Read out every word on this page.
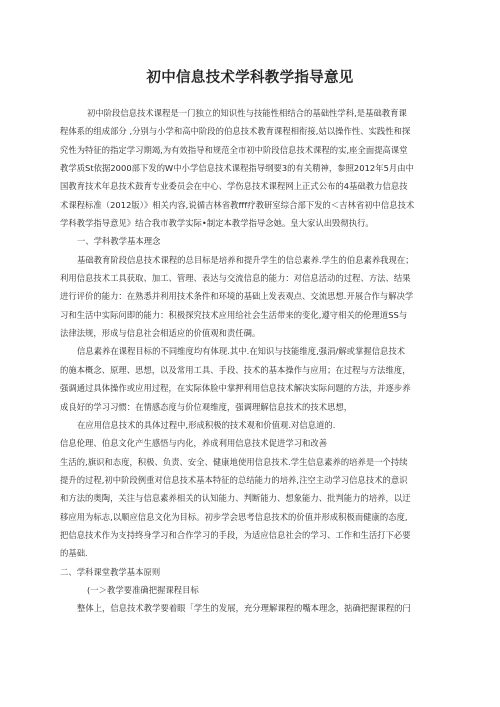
初中信息技术学科教学指导意见
初中阶段信息技术课程是一门独立的知识性与技能性相结合的基础性学科,是基础教育课
程体系的组成部分 ,分别与小学和高中阶段的伯息技术教育课程相衔接,姑以操作性、实践性和探
究性为特征的指定学习期竭,为有效指导和规范全市初中阶段信息技术课程的实,座全面提高课堂
教学质St依据2000部下发的W中小学信息技术课程指导纲要3的有关精神，参照2012年5月由中
国教育技术年息技术鼓育专业委员会在中心、学伤息技术课程网上正式公布的4基础教力信息技
术课程标准（2012版）》相关内容,说循吉林省教fff疗教研室综合部下发的＜吉林省初中信息技术
学科教学指导意见》结合我市教学实际•制定本教学指导念她。皇大家认出毁彻执行。
一、学科教学基本理念
基础教育阶段信息技术课程的总目标是培养和提升学生的信总素养.学生的伯息素养我现在；
利用信息技术工具获取、加工、管理、表达与交流信息的能力：对信息活动的过程、方法、结果
进行评价的能力：在熟悉并利用技术条件和环境的基础上发表观点、交流思想.开展合作与解决学
习和生活中实际问即的能力：积极探究技术应用给社会生活带来的变化,遵守相关的伦理道SS与
法律法规，形成与信息社会相适应的价值观和责任碉。
信息素养在课程目标的不同维度均有体现.其中.在知识与技能维度,强涓/解或掌握信息技术
的施本概念、原理、思想，以及常用工具、手段、技术的基本操作与应用；在过程与方法维度，
强调通过具体操作或应用过程，在实际体脸中掌押利用信息技术解决实际问题的方法，并逐步养
成良好的学习习惯：在情感态度与价位观维度，强调理解信息技术的技术思想，
在应用信息技术的具体过程中,形成积极的技术观和价值观.对信息道的.
信息伦理、伯息文化产生感悟与内化，养成利用信息技术促进学习和改善
生活的,旗识和态度，积极、负责、安全、健康地使用信息技术.学生信息素养的培养是一个持续
提升的过程,初中阶段例重对信息技术基本特征的总结能力的培养,注空主动学习信息技术的意识
和方法的奥陶，关注与信息素养相关的认知能力、判断能力、想象能力、批判能力的培养，以迂
移应用为标志,以顺应信息文化为目标。初步学会思考信息技术的价值并形成积极而健康的态度,
把信息技术作为支持终身学习和合作学习的手段，为适应信息社会的学习、工作和生活打下必要
的基础.
二、学科课堂教学基本原则
(一＞教学要准确把握课程目标
整体上，信息技术教学要着眼「学生的发展，充分理解课程的嘴本理念，掂确把握课程的闩
